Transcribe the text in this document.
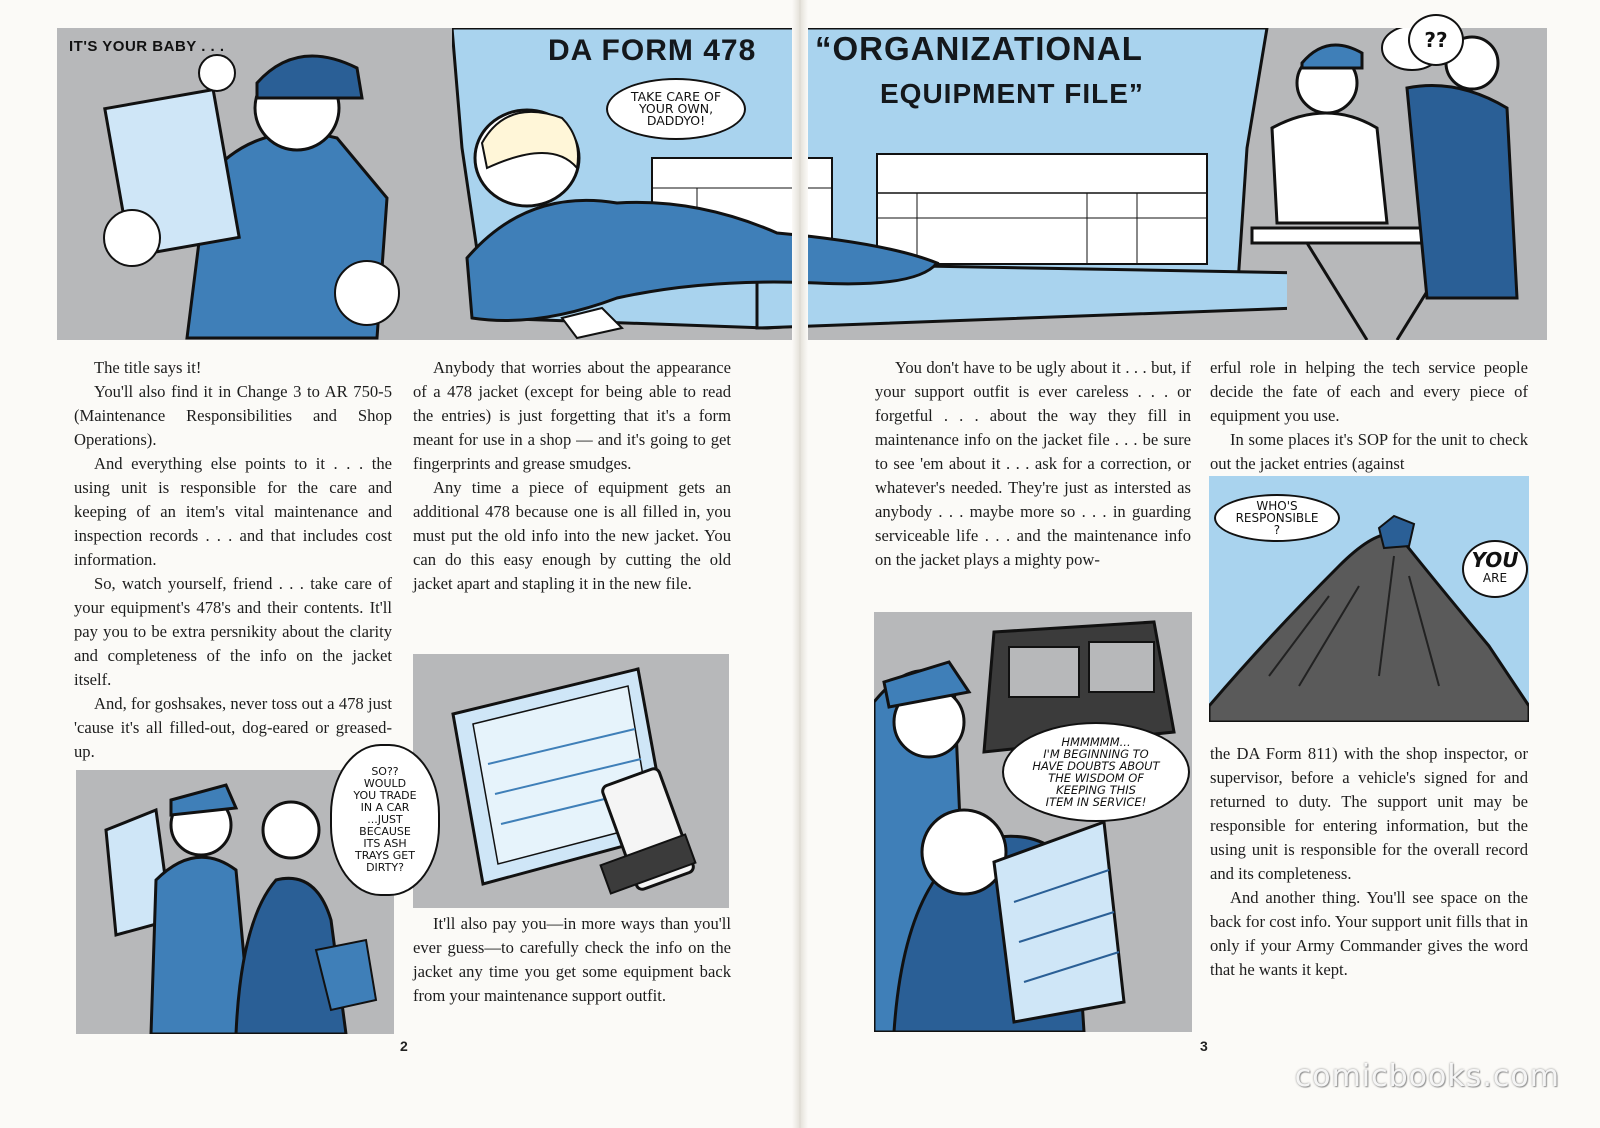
IT'S YOUR BABY . . .	DA FORM 478 “ORGANIZATIONAL
EQUIPMENT FILE”
TAKE CARE OF
YOUR OWN,
DADDYO!
??

The title says it!

You'll also find it in Change 3 to AR 750-5 (Maintenance Responsibilities and Shop Operations).

And everything else points to it . . . the using unit is responsible for the care and keeping of an item's vital maintenance and inspection records . . . and that includes cost information.

So, watch yourself, friend . . . take care of your equipment's 478's and their contents. It'll pay you to be extra persnikity about the clarity and completeness of the info on the jacket itself.

And, for goshsakes, never toss out a 478 just 'cause it's all filled-out, dog-eared or greased-up.

Anybody that worries about the appearance of a 478 jacket (except for being able to read the entries) is just forgetting that it's a form meant for use in a shop — and it's going to get fingerprints and grease smudges.

Any time a piece of equipment gets an additional 478 because one is all filled in, you must put the old info into the new jacket. You can do this easy enough by cutting the old jacket apart and stapling it in the new file.

It'll also pay you—in more ways than you'll ever guess—to carefully check the info on the jacket any time you get some equipment back from your maintenance support outfit.

SO??
WOULD
YOU TRADE
IN A CAR
...JUST
BECAUSE
ITS ASH
TRAYS GET
DIRTY?
2

You don't have to be ugly about it . . . but, if your support outfit is ever careless . . . or forgetful . . . about the way they fill in maintenance info on the jacket file . . . be sure to see 'em about it . . . ask for a correction, or whatever's needed. They're just as intersted as anybody . . . maybe more so . . . in guarding serviceable life . . . and the maintenance info on the jacket plays a mighty pow-

erful role in helping the tech service people decide the fate of each and every piece of equipment you use.

In some places it's SOP for the unit to check out the jacket entries (against

WHO'S
RESPONSIBLE
?
YOU
ARE

the DA Form 811) with the shop inspector, or supervisor, before a vehicle's signed for and returned to duty. The support unit may be responsible for entering information, but the using unit is responsible for the overall record and its completeness.

And another thing. You'll see space on the back for cost info. Your support unit fills that in only if your Army Commander gives the word that he wants it kept.

HMMMMM...
I'M BEGINNING TO
HAVE DOUBTS ABOUT
THE WISDOM OF
KEEPING THIS
ITEM IN SERVICE!
3
comicbooks.com
